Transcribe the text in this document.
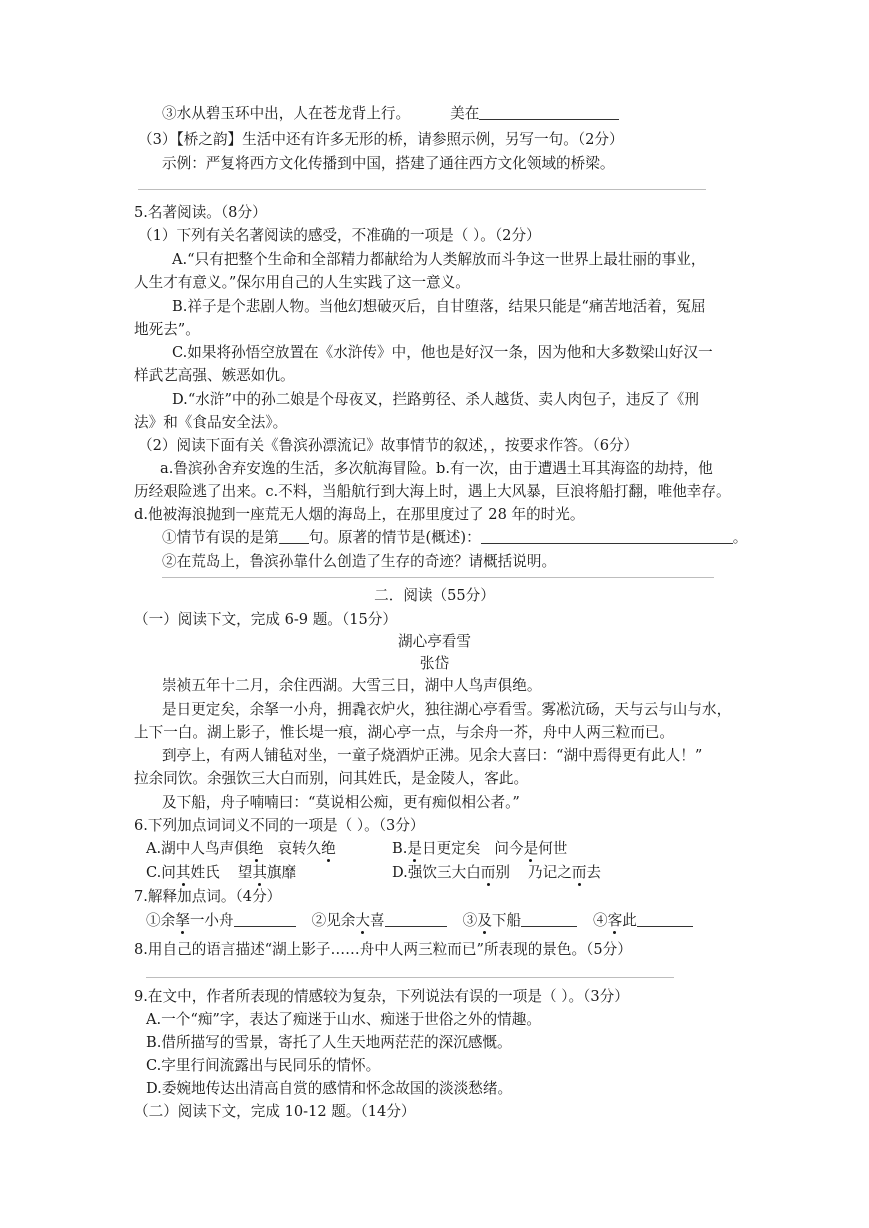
③水从碧玉环中出，人在苍龙背上行。	美在
（3）【桥之韵】生活中还有许多无形的桥，请参照示例，另写一句。（2分）
示例：严复将西方文化传播到中国，搭建了通往西方文化领域的桥梁。
5.名著阅读。（8分）
（1）下列有关名著阅读的感受，不准确的一项是（ ）。（2分）
A.“只有把整个生命和全部精力都献给为人类解放而斗争这一世界上最壮丽的事业，
人生才有意义。”保尔用自己的人生实践了这一意义。
B.祥子是个悲剧人物。当他幻想破灭后，自甘堕落，结果只能是“痛苦地活着，冤屈
地死去”。
C.如果将孙悟空放置在《水浒传》中，他也是好汉一条，因为他和大多数梁山好汉一
样武艺高强、嫉恶如仇。
D.“水浒”中的孙二娘是个母夜叉，拦路剪径、杀人越货、卖人肉包子，违反了《刑
法》和《食品安全法》。
（2）阅读下面有关《鲁滨孙漂流记》故事情节的叙述，，按要求作答。（6分）
a.鲁滨孙舍弃安逸的生活，多次航海冒险。b.有一次，由于遭遇土耳其海盗的劫持，他
历经艰险逃了出来。c.不料，当船航行到大海上时，遇上大风暴，巨浪将船打翻，唯他幸存。
d.他被海浪抛到一座荒无人烟的海岛上，在那里度过了 28 年的时光。
①情节有误的是第 句。原著的情节是(概述)：	。
②在荒岛上，鲁滨孙靠什么创造了生存的奇迹？请概括说明。
二．阅读（55分）
（一）阅读下文，完成 6-9 题。（15分）
湖心亭看雪
张岱
崇祯五年十二月，余住西湖。大雪三日，湖中人鸟声俱绝。
是日更定矣，余拏一小舟，拥毳衣炉火，独往湖心亭看雪。雾凇沆砀，天与云与山与水，
上下一白。湖上影子，惟长堤一痕，湖心亭一点，与余舟一芥，舟中人两三粒而已。
到亭上，有两人铺毡对坐，一童子烧酒炉正沸。见余大喜曰：“湖中焉得更有此人！”
拉余同饮。余强饮三大白而别，问其姓氏，是金陵人，客此。
及下船，舟子喃喃曰：“莫说相公痴，更有痴似相公者。”
6.下列加点词词义不同的一项是（ ）。（3分）
A.湖中人鸟声俱绝 哀转久绝	B.是日更定矣 问今是何世
C.问其姓氏 望其旗靡	D.强饮三大白而别 乃记之而去
7.解释加点词。（4分）
①余拏一小舟	②见余大喜	③及下船	④客此
8.用自己的语言描述“湖上影子……舟中人两三粒而已”所表现的景色。（5分）
9.在文中，作者所表现的情感较为复杂，下列说法有误的一项是（ ）。（3分）
A.一个“痴”字，表达了痴迷于山水、痴迷于世俗之外的情趣。
B.借所描写的雪景，寄托了人生天地两茫茫的深沉感慨。
C.字里行间流露出与民同乐的情怀。
D.委婉地传达出清高自赏的感情和怀念故国的淡淡愁绪。
（二）阅读下文，完成 10-12 题。（14分）
